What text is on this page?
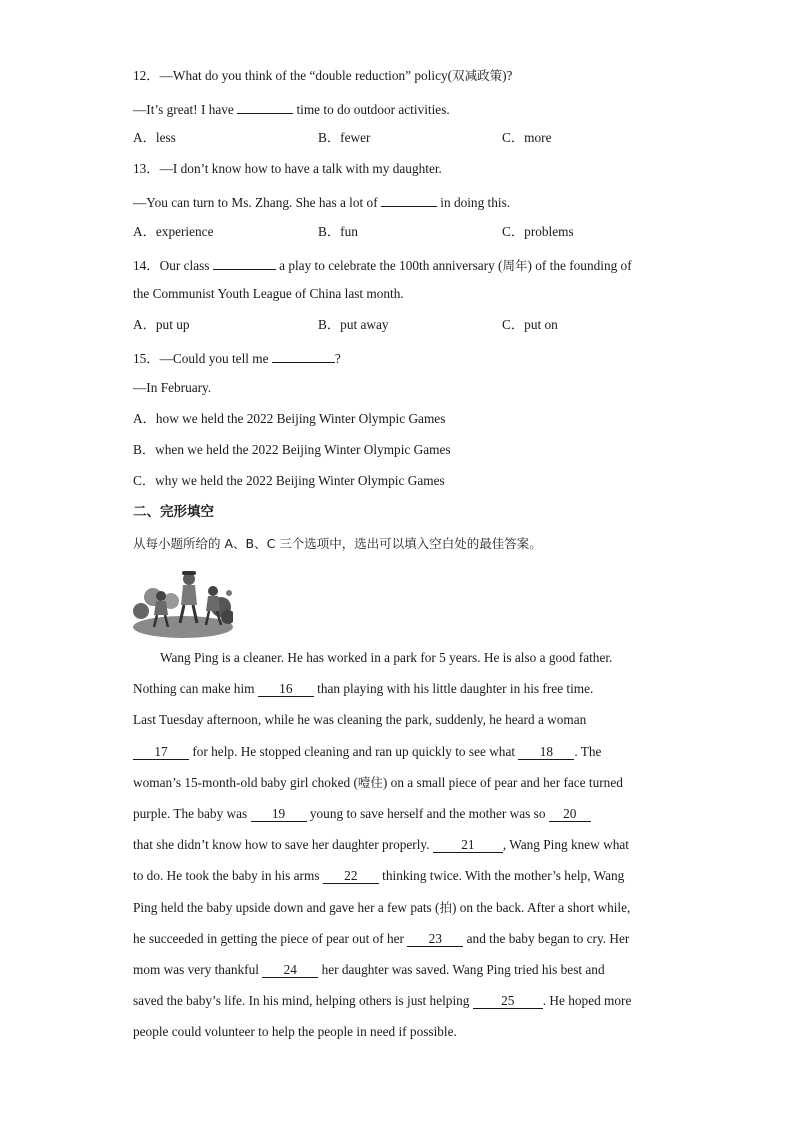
12．—What do you think of the “double reduction” policy(双减政策)?
—It’s great! I have	time to do outdoor activities.
A．less	B．fewer	C．more
13．—I don’t know how to have a talk with my daughter.
—You can turn to Ms. Zhang. She has a lot of	in doing this.
A．experience	B．fun	C．problems
14．Our class	a play to celebrate the 100th anniversary (周年) of the founding of
the Communist Youth League of China last month.
A．put up	B．put away	C．put on
15．—Could you tell me	?
—In February.
A．how we held the 2022 Beijing Winter Olympic Games
B．when we held the 2022 Beijing Winter Olympic Games
C．why we held the 2022 Beijing Winter Olympic Games
二、完形填空
从每小题所给的 A、B、C 三个选项中，选出可以填入空白处的最佳答案。
Wang Ping is a cleaner. He has worked in a park for 5 years. He is also a good father.
Nothing can make him 16 than playing with his little daughter in his free time.
Last Tuesday afternoon, while he was cleaning the park, suddenly, he heard a woman
17 for help. He stopped cleaning and ran up quickly to see what 18 . The
woman’s 15-month-old baby girl choked (噎住) on a small piece of pear and her face turned
purple. The baby was 19 young to save herself and the mother was so 20
that she didn’t know how to save her daughter properly. 21 , Wang Ping knew what
to do. He took the baby in his arms 22 thinking twice. With the mother’s help, Wang
Ping held the baby upside down and gave her a few pats (拍) on the back. After a short while,
he succeeded in getting the piece of pear out of her 23 and the baby began to cry. Her
mom was very thankful 24 her daughter was saved. Wang Ping tried his best and
saved the baby’s life. In his mind, helping others is just helping 25 . He hoped more
people could volunteer to help the people in need if possible.
